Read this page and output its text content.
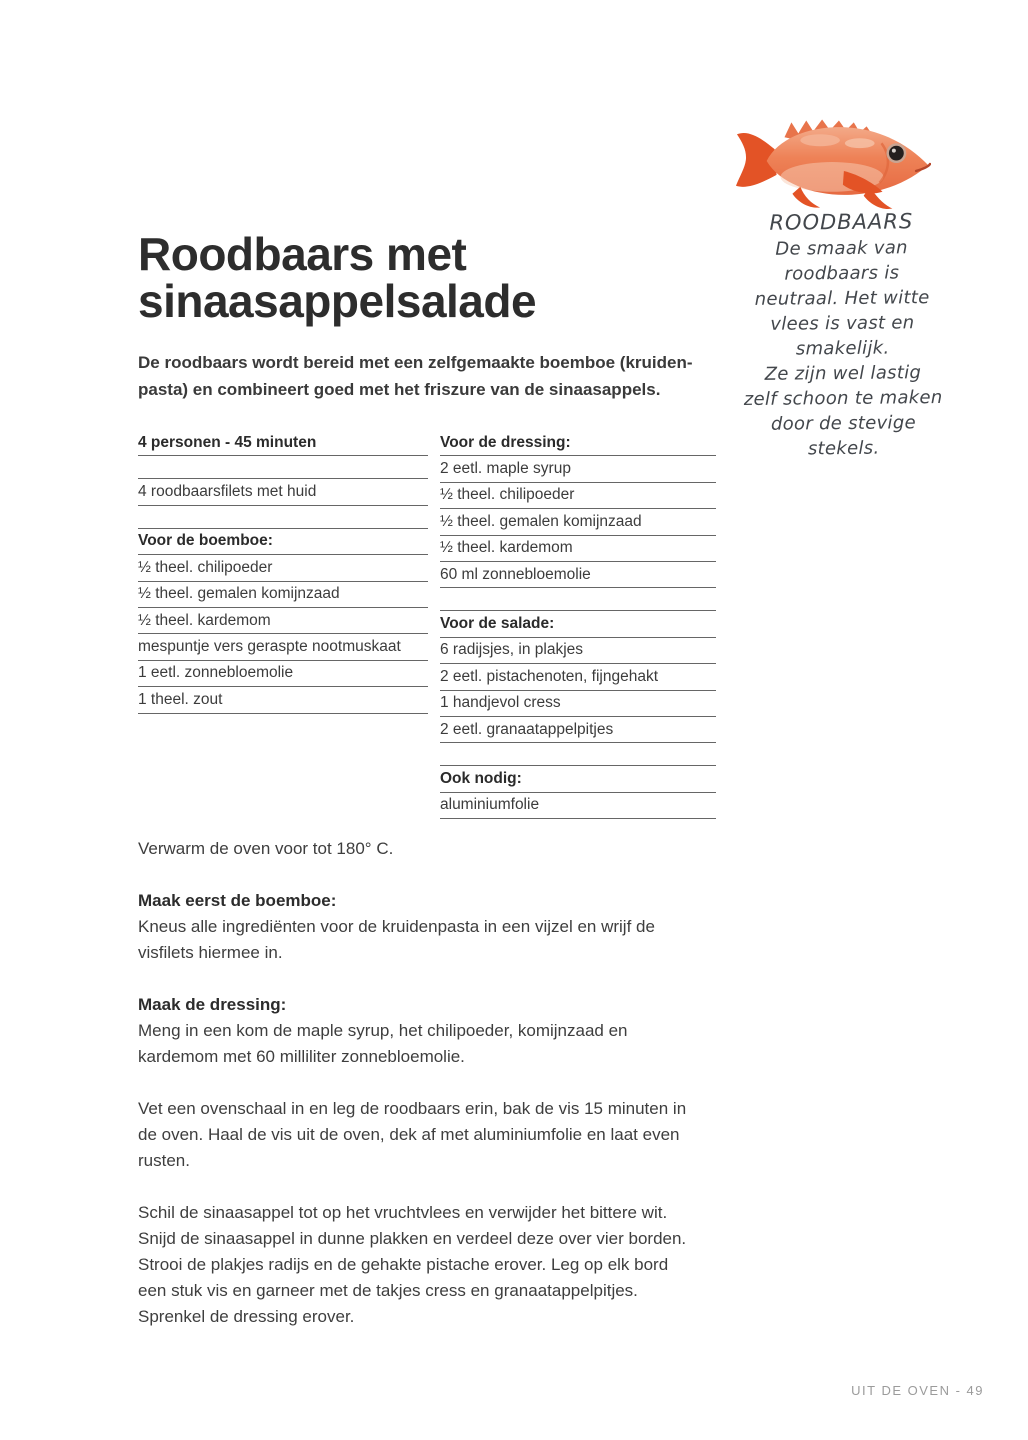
ROODBAARS
De smaak van
roodbaars is
neutraal. Het witte
vlees is vast en
smakelijk.
Ze zijn wel lastig
zelf schoon te maken
door de stevige
stekels.
Roodbaars met
sinaasappelsalade
De roodbaars wordt bereid met een zelfgemaakte boemboe (kruiden-
pasta) en combineert goed met het friszure van de sinaasappels.
4 personen - 45 minuten
4 roodbaarsfilets met huid
Voor de boemboe:
½ theel. chilipoeder
½ theel. gemalen komijnzaad
½ theel. kardemom
mespuntje vers geraspte nootmuskaat
1 eetl. zonnebloemolie
1 theel. zout
Voor de dressing:
2 eetl. maple syrup
½ theel. chilipoeder
½ theel. gemalen komijnzaad
½ theel. kardemom
60 ml zonnebloemolie
Voor de salade:
6 radijsjes, in plakjes
2 eetl. pistachenoten, fijngehakt
1 handjevol cress
2 eetl. granaatappelpitjes
Ook nodig:
aluminiumfolie
Verwarm de oven voor tot 180° C.
Maak eerst de boemboe:
Kneus alle ingrediënten voor de kruidenpasta in een vijzel en wrijf de
visfilets hiermee in.
Maak de dressing:
Meng in een kom de maple syrup, het chilipoeder, komijnzaad en
kardemom met 60 milliliter zonnebloemolie.
Vet een ovenschaal in en leg de roodbaars erin, bak de vis 15 minuten in
de oven. Haal de vis uit de oven, dek af met aluminiumfolie en laat even
rusten.
Schil de sinaasappel tot op het vruchtvlees en verwijder het bittere wit.
Snijd de sinaasappel in dunne plakken en verdeel deze over vier borden.
Strooi de plakjes radijs en de gehakte pistache erover. Leg op elk bord
een stuk vis en garneer met de takjes cress en granaatappelpitjes.
Sprenkel de dressing erover.
UIT DE OVEN - 49
